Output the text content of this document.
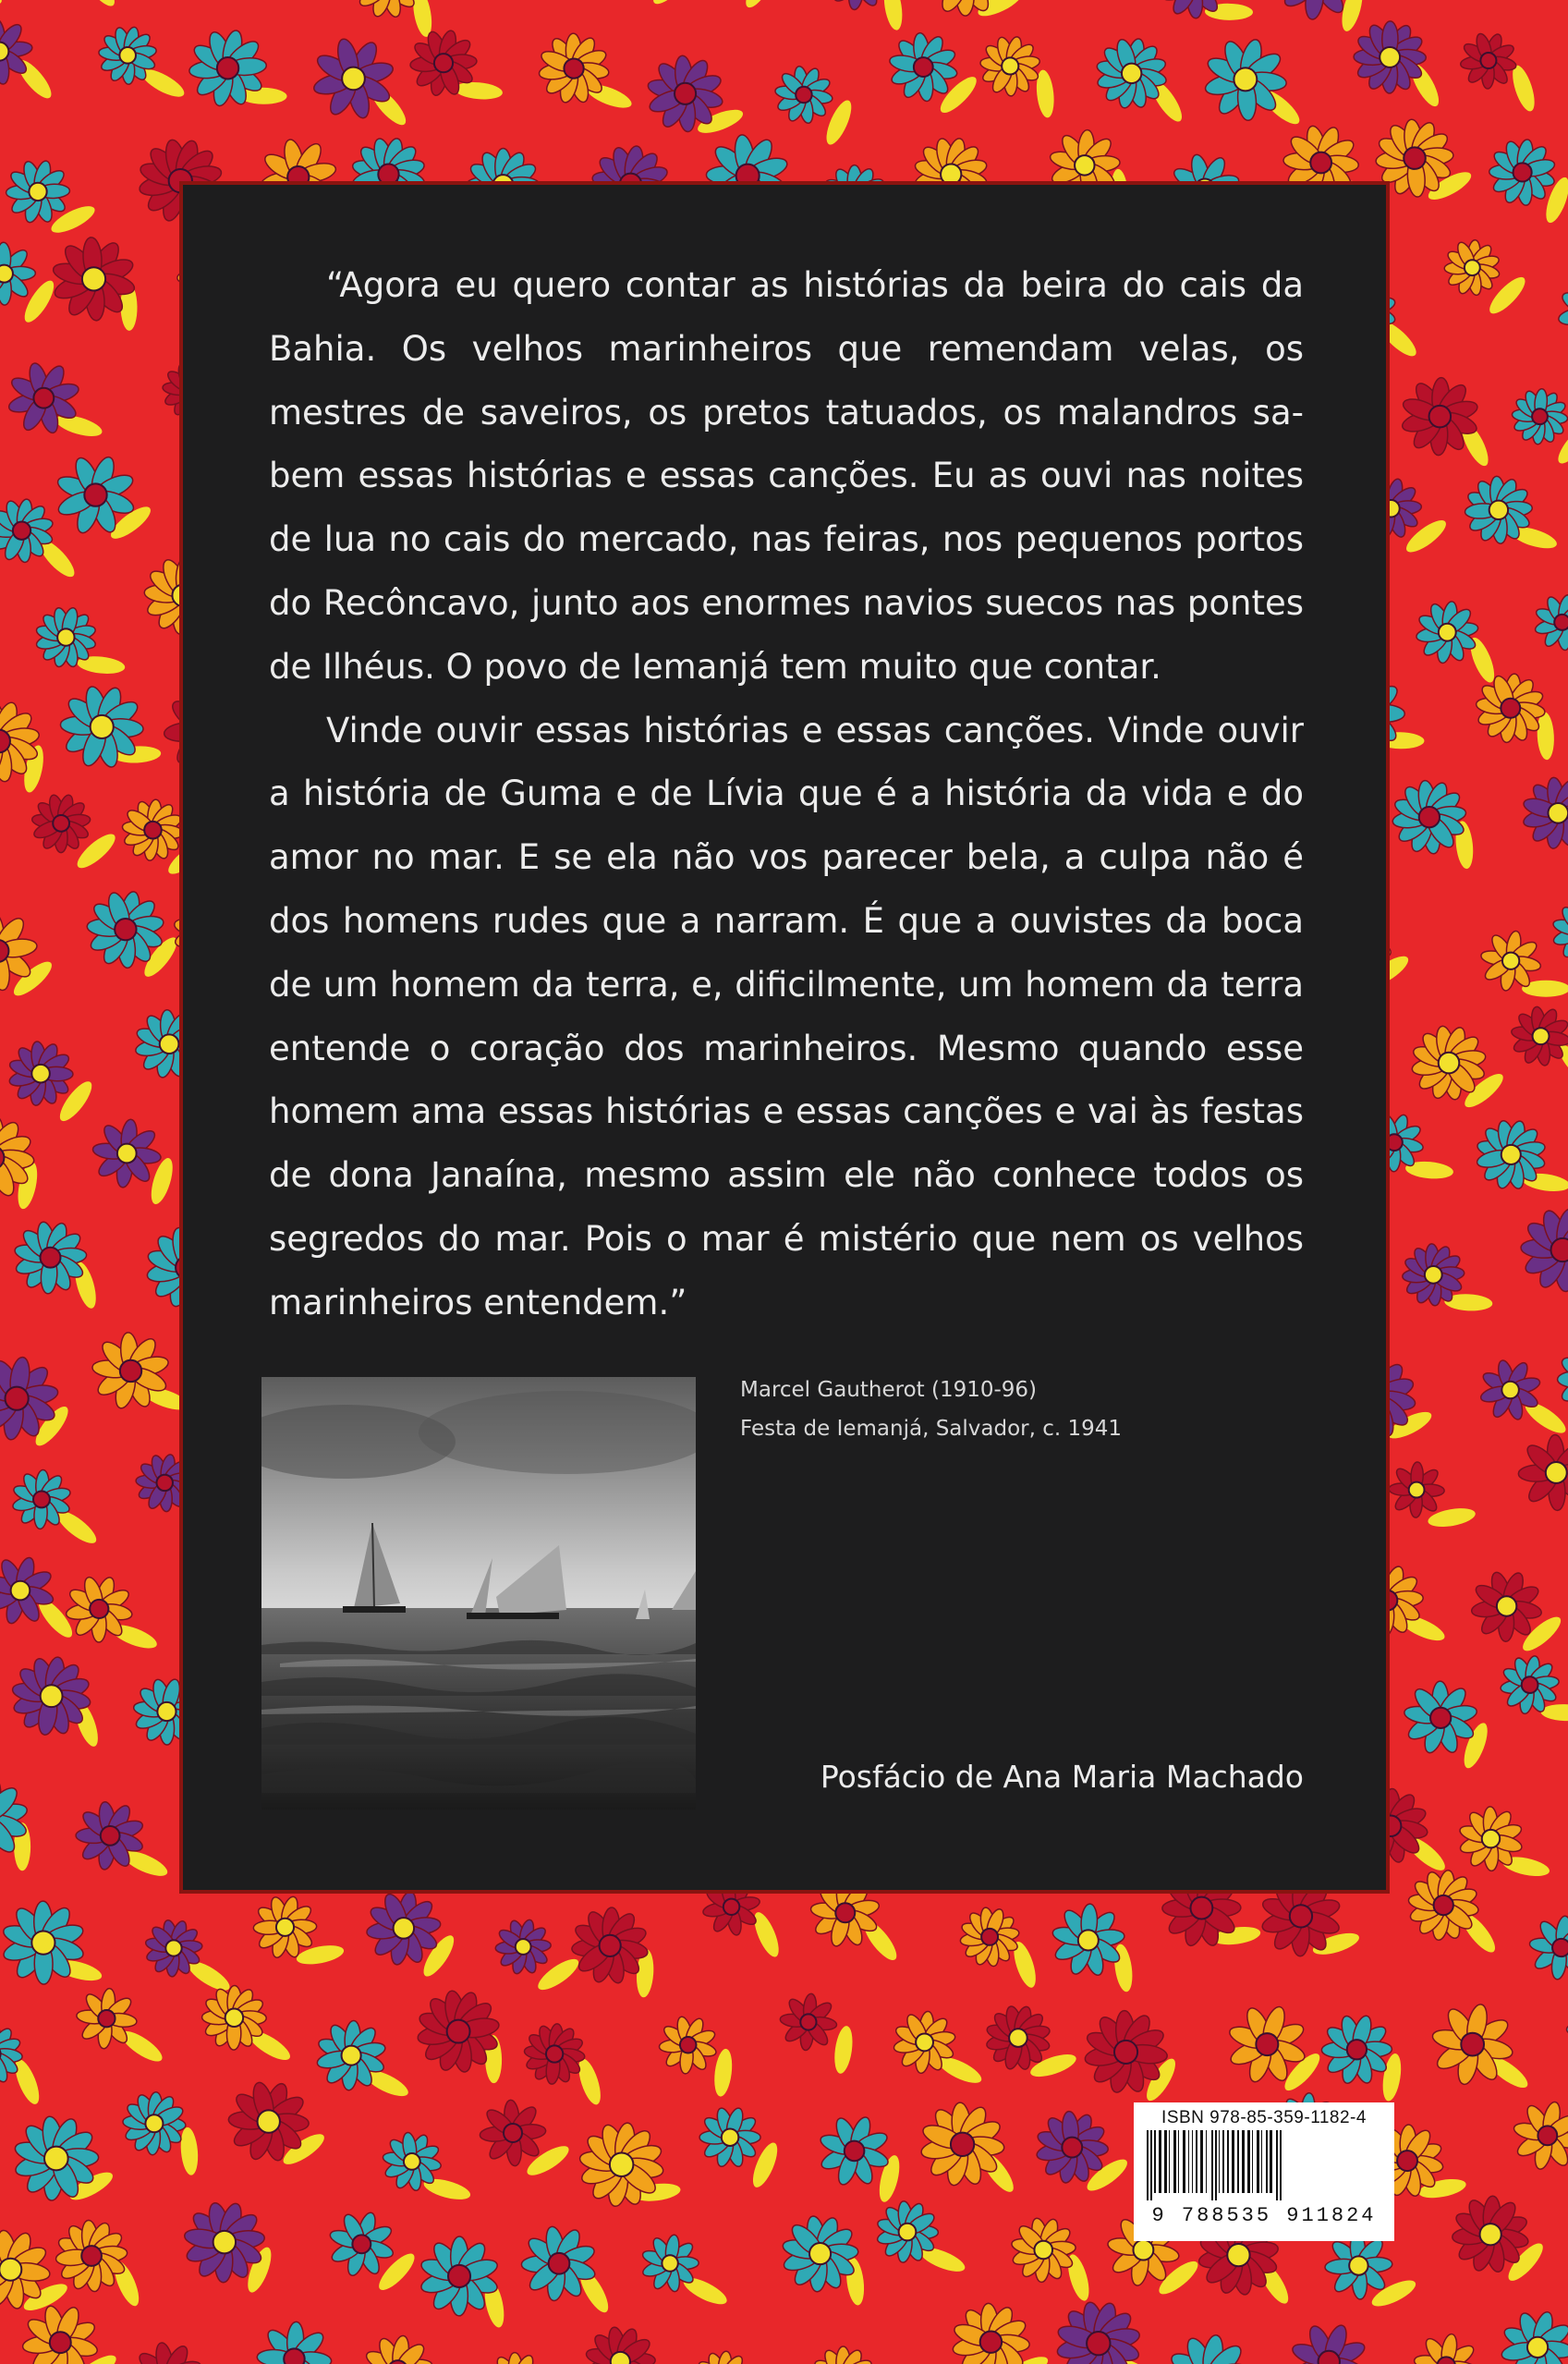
“Agora eu quero contar as histórias da beira do cais da Bahia. Os velhos marinheiros que remendam velas, os mestres de saveiros, os pretos tatuados, os malandros sabem essas histórias e essas canções. Eu as ouvi nas noites de lua no cais do mercado, nas feiras, nos pequenos portos do Recôncavo, junto aos enormes navios suecos nas pontes de Ilhéus. O povo de Iemanjá tem muito que contar.

Vinde ouvir essas histórias e essas canções. Vinde ouvir a história de Guma e de Lívia que é a história da vida e do amor no mar. E se ela não vos parecer bela, a culpa não é dos homens rudes que a narram. É que a ouvistes da boca de um homem da terra, e, dificilmente, um homem da terra entende o coração dos marinheiros. Mesmo quando esse homem ama essas histórias e essas canções e vai às festas de dona Janaína, mesmo assim ele não conhece todos os segredos do mar. Pois o mar é mistério que nem os velhos marinheiros entendem.”

Marcel Gautherot (1910-96)
Festa de Iemanjá, Salvador, c. 1941
Posfácio de Ana Maria Machado
ISBN 978-85-359-1182-4
9 788535 911824
